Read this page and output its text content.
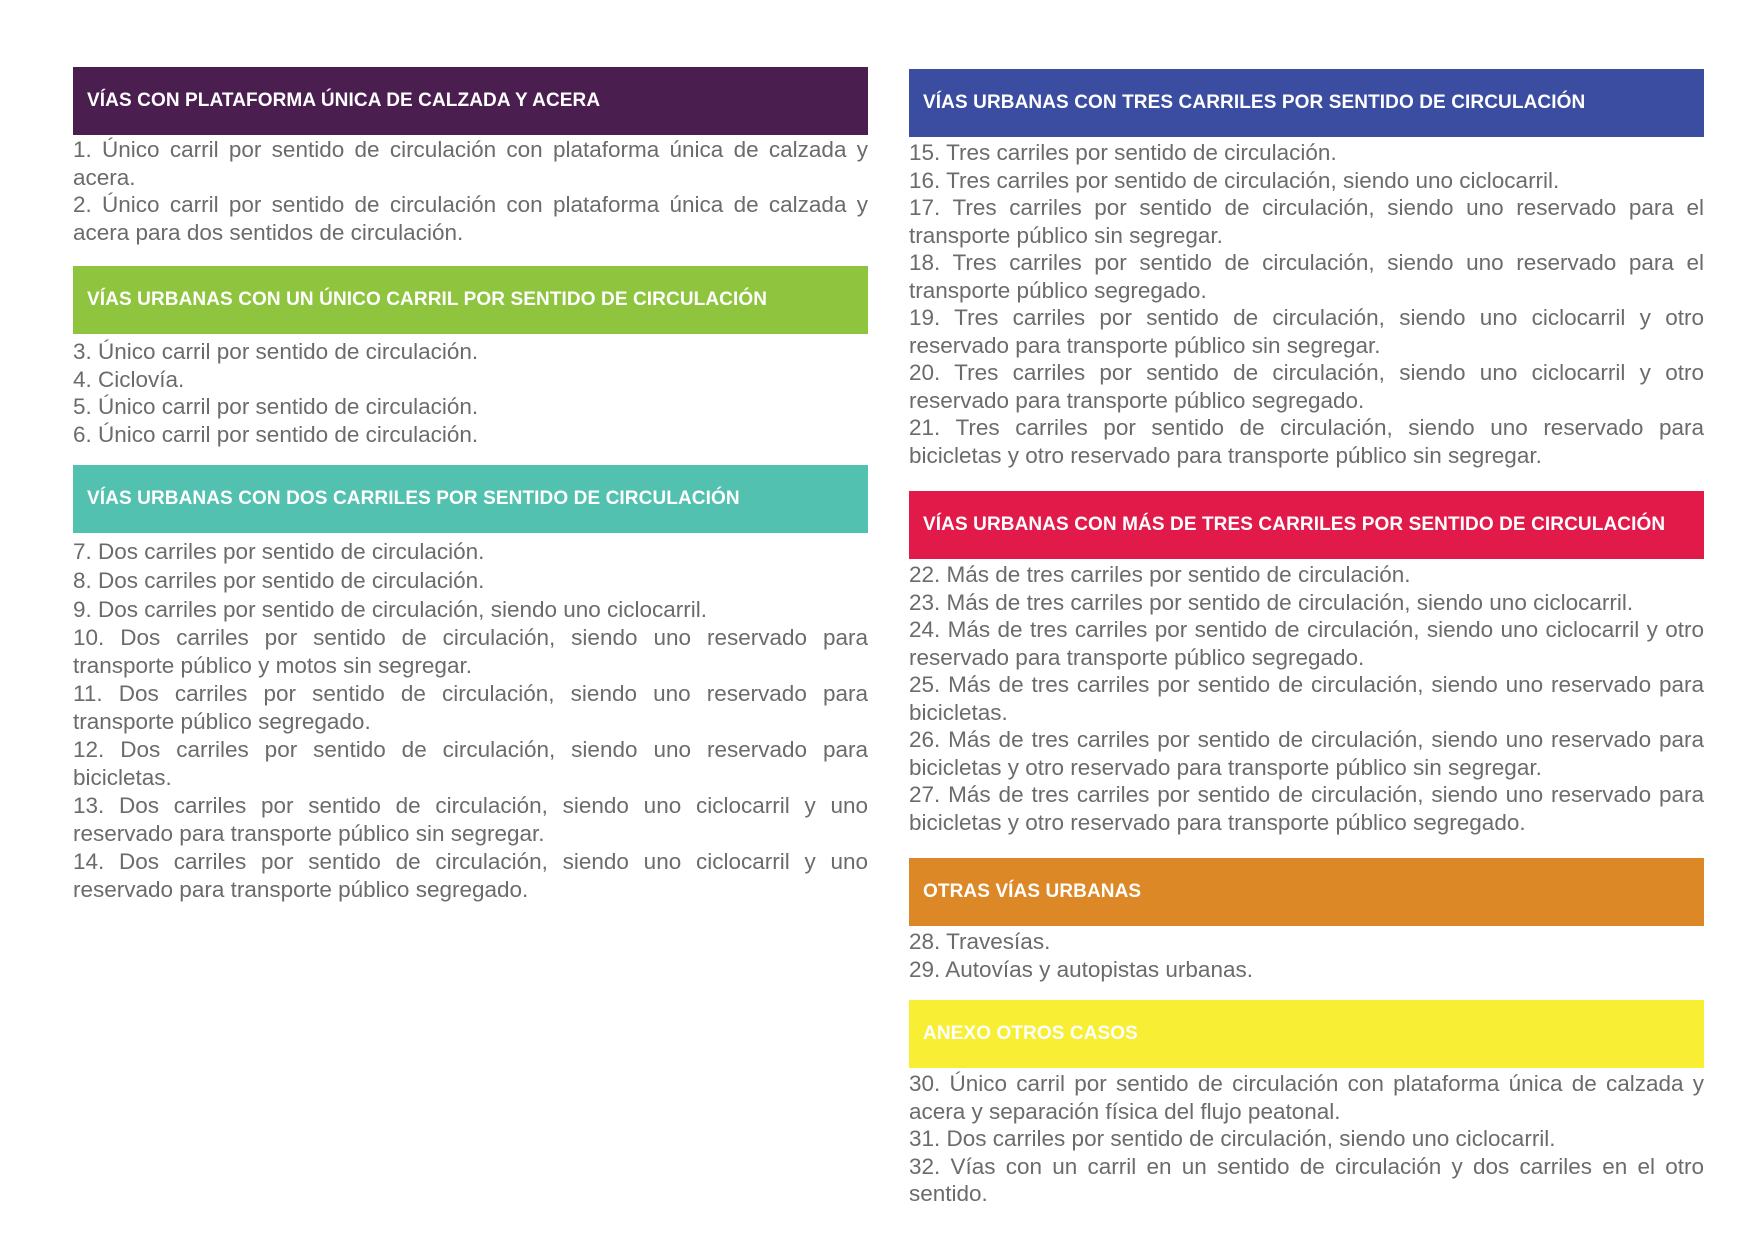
VÍAS CON PLATAFORMA ÚNICA DE CALZADA Y ACERA
1. Único carril por sentido de circulación con plataforma única de calzada y acera.
2. Único carril por sentido de circulación con plataforma única de calzada y acera para dos sentidos de circulación.
VÍAS URBANAS CON UN ÚNICO CARRIL POR SENTIDO DE CIRCULACIÓN
3. Único carril por sentido de circulación.
4. Ciclovía.
5. Único carril por sentido de circulación.
6. Único carril por sentido de circulación.
VÍAS URBANAS CON DOS CARRILES POR SENTIDO DE CIRCULACIÓN
7. Dos carriles por sentido de circulación.
8. Dos carriles por sentido de circulación.
9. Dos carriles por sentido de circulación, siendo uno ciclocarril.
10. Dos carriles por sentido de circulación, siendo uno reservado para transporte público y motos sin segregar.
11. Dos carriles por sentido de circulación, siendo uno reservado para transporte público segregado.
12. Dos carriles por sentido de circulación, siendo uno reservado para bicicletas.
13. Dos carriles por sentido de circulación, siendo uno ciclocarril y uno reservado para transporte público sin segregar.
14. Dos carriles por sentido de circulación, siendo uno ciclocarril y uno reservado para transporte público segregado.
VÍAS URBANAS CON TRES CARRILES POR SENTIDO DE CIRCULACIÓN
15. Tres carriles por sentido de circulación.
16. Tres carriles por sentido de circulación, siendo uno ciclocarril.
17. Tres carriles por sentido de circulación, siendo uno reservado para el transporte público sin segregar.
18. Tres carriles por sentido de circulación, siendo uno reservado para el transporte público segregado.
19. Tres carriles por sentido de circulación, siendo uno ciclocarril y otro reservado para transporte público sin segregar.
20. Tres carriles por sentido de circulación, siendo uno ciclocarril y otro reservado para transporte público segregado.
21. Tres carriles por sentido de circulación, siendo uno reservado para bicicletas y otro reservado para transporte público sin segregar.
VÍAS URBANAS CON MÁS DE TRES CARRILES POR SENTIDO DE CIRCULACIÓN
22. Más de tres carriles por sentido de circulación.
23. Más de tres carriles por sentido de circulación, siendo uno ciclocarril.
24. Más de tres carriles por sentido de circulación, siendo uno ciclocarril y otro reservado para transporte público segregado.
25. Más de tres carriles por sentido de circulación, siendo uno reservado para bicicletas.
26. Más de tres carriles por sentido de circulación, siendo uno reservado para bicicletas y otro reservado para transporte público sin segregar.
27. Más de tres carriles por sentido de circulación, siendo uno reservado para bicicletas y otro reservado para transporte público segregado.
OTRAS VÍAS URBANAS
28. Travesías.
29. Autovías y autopistas urbanas.
ANEXO OTROS CASOS
30. Único carril por sentido de circulación con plataforma única de calzada y acera y separación física del flujo peatonal.
31. Dos carriles por sentido de circulación, siendo uno ciclocarril.
32. Vías con un carril en un sentido de circulación y dos carriles en el otro sentido.
